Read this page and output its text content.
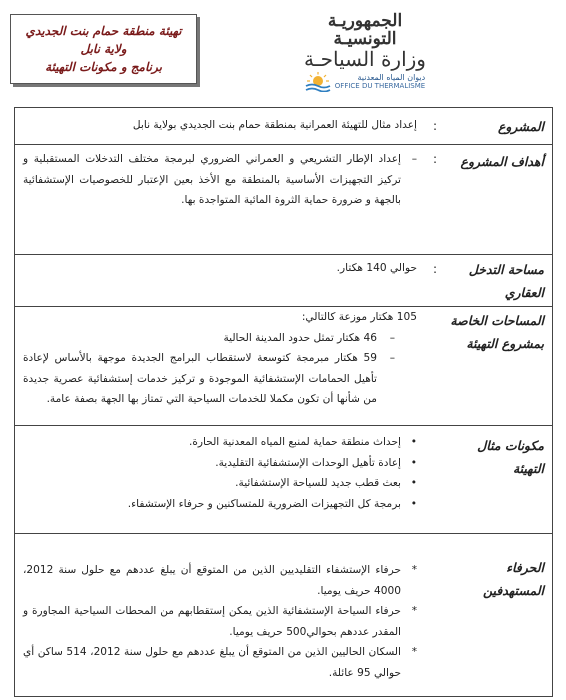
تهيئة منطقة حمام بنت الجديدي
ولاية نابل
برنامج و مكونات التهيئة
الجمهوريـة التونسيـة
وزارة السياحـة
ديوان المياه المعدنية
OFFICE DU THERMALISME
المشروع
:

إعداد مثال للتهيئة العمرانية بمنطقة حمام بنت الجديدي بولاية نابل

أهداف المشروع
:

–
إعداد الإطار التشريعي و العمراني الضروري لبرمجة مختلف التدخلات المستقبلية و تركيز التجهيزات الأساسية بالمنطقة مع الأخذ بعين الإعتبار للخصوصيات الإستشفائية بالجهة و ضرورة حماية الثروة المائية المتواجدة بها.

مساحة التدخل العقاري
:

حوالي 140 هكتار.

المساحات الخاصة بمشروع التهيئة

105 هكتار موزعة كالتالي:

–
46 هكتار تمثل حدود المدينة الحالية

–
59 هكتار مبرمجة كتوسعة لاستقطاب البرامج الجديدة موجهة بالأساس لإعادة تأهيل الحمامات الإستشفائية الموجودة و تركيز خدمات إستشفائية عصرية جديدة من شأنها أن تكون مكملا للخدمات السياحية التي تمتاز بها الجهة بصفة عامة.

مكونات مثال التهيئة

•
إحداث منطقة حماية لمنبع المياه المعدنية الحارة.

•
إعادة تأهيل الوحدات الإستشفائية التقليدية.

•
بعث قطب جديد للسياحة الإستشفائية.

•
برمجة كل التجهيزات الضرورية للمتساكنين و حرفاء الإستشفاء.

الحرفاء المستهدفين

*
حرفاء الإستشفاء التقليديين الذين من المتوقع أن يبلغ عددهم مع حلول سنة 2012، 4000 حريف يوميا.

*
حرفاء السياحة الإستشفائية الذين يمكن إستقطابهم من المحطات السياحية المجاورة و المقدر عددهم بحوالي500 حريف يوميا.

*
السكان الحاليين الذين من المتوقع أن يبلغ عددهم مع حلول سنة 2012، 514 ساكن أي حوالي 95 عائلة.
